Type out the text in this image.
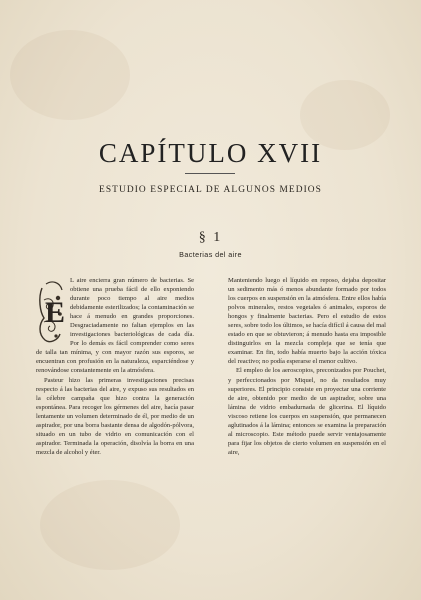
CAPÍTULO XVII
ESTUDIO ESPECIAL DE ALGUNOS MEDIOS
§ 1
Bacterias del aire
E

L aire encierra gran número de bacterias. Se obtiene una prueba fácil de ello exponiendo durante poco tiempo al aire medios debidamente esterilizados; la contaminación se hace á menudo en grandes proporciones. Desgraciadamente no faltan ejemplos en las investigaciones bacteriológicas de cada día. Por lo demás es fácil comprender como seres de talla tan mínima, y con mayor razón sus esporos, se encuentran con profusión en la naturaleza, esparciéndose y renovándose constantemente en la atmósfera.

Pasteur hizo las primeras investigaciones precisas respecto á las bacterias del aire, y expuso sus resultados en la célebre campaña que hizo contra la generación espontánea. Para recoger los gérmenes del aire, hacía pasar lentamente un volumen determinado de él, por medio de un aspirador, por una borra bastante densa de algodón-pólvora, situado en un tubo de vidrio en comunicación con el aspirador. Terminada la operación, disolvía la borra en una mezcla de alcohol y éter.

Manteniendo luego el líquido en reposo, dejaba depositar un sedimento más ó menos abundante formado por todos los cuerpos en suspensión en la atmósfera. Entre ellos había polvos minerales, restos vegetales ó animales, esporos de hongos y finalmente bacterias. Pero el estudio de estos seres, sobre todo los últimos, se hacía difícil á causa del mal estado en que se obtuvieron; á menudo hasta era imposible distinguirlos en la mezcla compleja que se tenía que examinar. En fin, todo había muerto bajo la acción tóxica del reactivo; no podía esperarse el menor cultivo.

El empleo de los aeroscopios, preconizados por Pouchet, y perfeccionados por Miquel, no da resultados muy superiores. El principio consiste en proyectar una corriente de aire, obtenido por medio de un aspirador, sobre una lámina de vidrio embadurnada de glicerina. El líquido viscoso retiene los cuerpos en suspensión, que permanecen aglutinados á la lámina; entonces se examina la preparación al microscopio. Este método puede servir ventajosamente para fijar los objetos de cierto volumen en suspensión en el aire,
